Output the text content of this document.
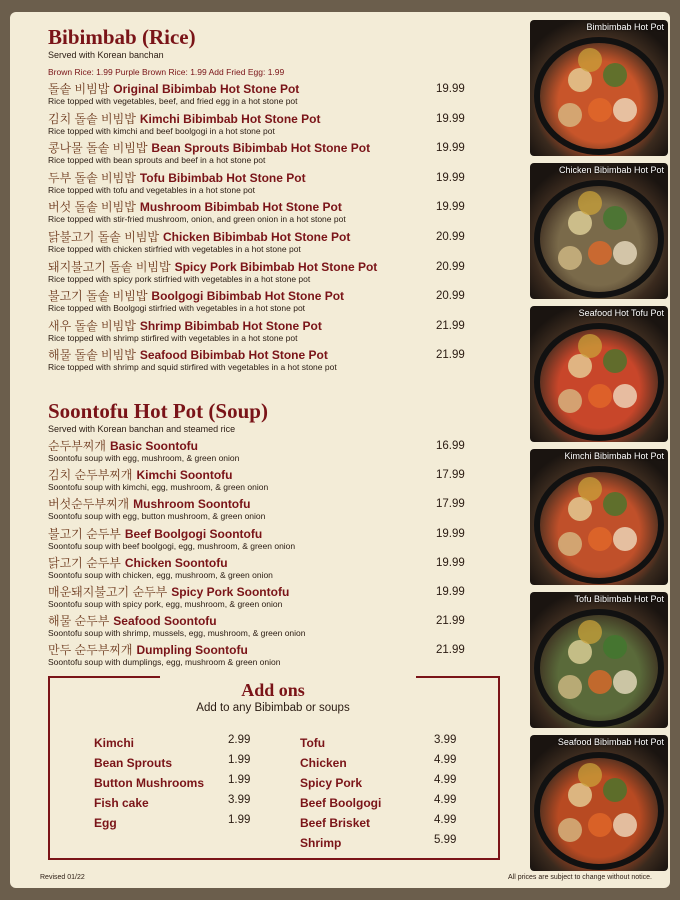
Bibimbab (Rice)

Served with Korean banchan

Brown Rice: 1.99 Purple Brown Rice: 1.99 Add Fried Egg: 1.99

돌솥 비빔밥 Original Bibimbab Hot Stone Pot
Rice topped with vegetables, beef, and fried egg in a hot stone pot
19.99
김치 돌솥 비빔밥 Kimchi Bibimbab Hot Stone Pot
Rice topped with kimchi and beef boolgogi in a hot stone pot
19.99
콩나물 돌솥 비빔밥 Bean Sprouts Bibimbab Hot Stone Pot
Rice topped with bean sprouts and beef in a hot stone pot
19.99
두부 돌솥 비빔밥 Tofu Bibimbab Hot Stone Pot
Rice topped with tofu and vegetables in a hot stone pot
19.99
버섯 돌솥 비빔밥 Mushroom Bibimbab Hot Stone Pot
Rice topped with stir-fried mushroom, onion, and green onion in a hot stone pot
19.99
닭불고기 돌솥 비빔밥 Chicken Bibimbab Hot Stone Pot
Rice topped with chicken stirfried with vegetables in a hot stone pot
20.99
돼지불고기 돌솥 비빔밥 Spicy Pork Bibimbab Hot Stone Pot
Rice topped with spicy pork stirfried with vegetables in a hot stone pot
20.99
불고기 돌솥 비빔밥 Boolgogi Bibimbab Hot Stone Pot
Rice topped with Boolgogi stirfried with vegetables in a hot stone pot
20.99
새우 돌솥 비빔밥 Shrimp Bibimbab Hot Stone Pot
Rice topped with shrimp stirfired with vegetables in a hot stone pot
21.99
해물 돌솥 비빔밥 Seafood Bibimbab Hot Stone Pot
Rice topped with shrimp and squid stirfired with vegetables in a hot stone pot
21.99
Soontofu Hot Pot (Soup)

Served with Korean banchan and steamed rice

순두부찌개 Basic Soontofu
Soontofu soup with egg, mushroom, & green onion
16.99
김치 순두부찌개 Kimchi Soontofu
Soontofu soup with kimchi, egg, mushroom, & green onion
17.99
버섯순두부찌개 Mushroom Soontofu
Soontofu soup with egg, button mushroom, & green onion
17.99
불고기 순두부 Beef Boolgogi Soontofu
Soontofu soup with beef boolgogi, egg, mushroom, & green onion
19.99
닭고기 순두부 Chicken Soontofu
Soontofu soup with chicken, egg, mushroom, & green onion
19.99
매운돼지불고기 순두부 Spicy Pork Soontofu
Soontofu soup with spicy pork, egg, mushroom, & green onion
19.99
해물 순두부 Seafood Soontofu
Soontofu soup with shrimp, mussels, egg, mushroom, & green onion
21.99
만두 순두부찌개 Dumpling Soontofu
Soontofu soup with dumplings, egg, mushroom & green onion
21.99
Add ons
Add to any Bibimbab or soups
Kimchi	2.99
Bean Sprouts	1.99
Button Mushrooms 1.99
Fish cake	3.99
Egg	1.99
Tofu	3.99
Chicken	4.99
Spicy Pork	4.99
Beef Boolgogi	4.99
Beef Brisket	4.99
Shrimp	5.99
Revised 01/22	All prices are subject to change without notice.
Bimbimbab Hot Pot
Chicken Bibimbab Hot Pot
Seafood Hot Tofu Pot
Kimchi Bibimbab Hot Pot
Tofu Bibimbab Hot Pot
Seafood Bibimbab Hot Pot
